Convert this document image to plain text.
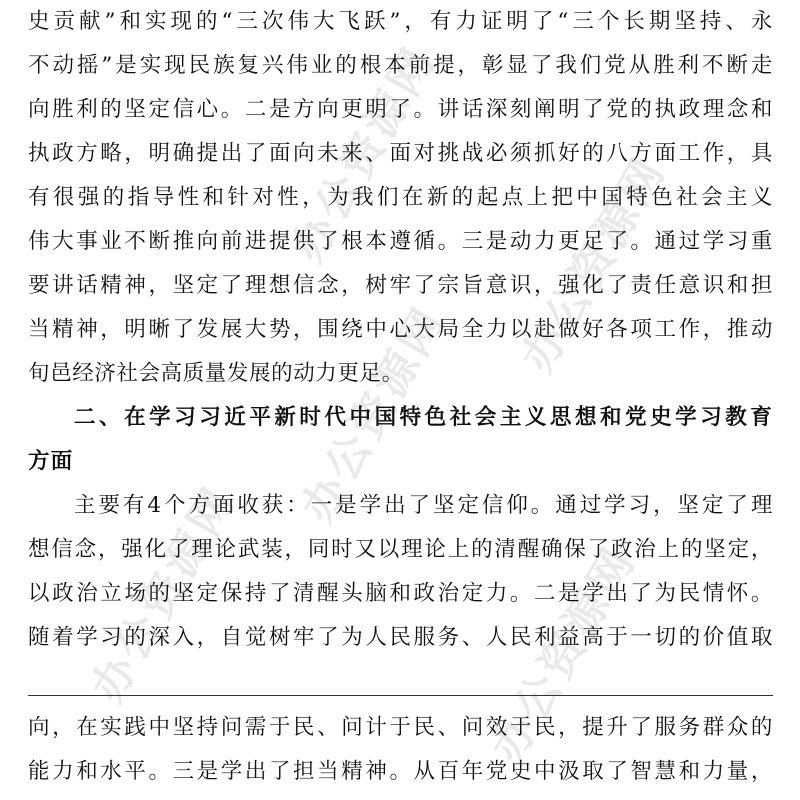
办公资源网 办公资源网
办公资源网
办公资源网	办公资源网
史贡献”和实现的“三次伟大飞跃”，有力证明了“三个长期坚持、永
不动摇”是实现民族复兴伟业的根本前提，彰显了我们党从胜利不断走
向胜利的坚定信心。二是方向更明了。讲话深刻阐明了党的执政理念和
执政方略，明确提出了面向未来、面对挑战必须抓好的八方面工作，具
有很强的指导性和针对性，为我们在新的起点上把中国特色社会主义
伟大事业不断推向前进提供了根本遵循。三是动力更足了。通过学习重
要讲话精神，坚定了理想信念，树牢了宗旨意识，强化了责任意识和担
当精神，明晰了发展大势，围绕中心大局全力以赴做好各项工作，推动
旬邑经济社会高质量发展的动力更足。
二、在学习习近平新时代中国特色社会主义思想和党史学习教育
方面
主要有4个方面收获：一是学出了坚定信仰。通过学习，坚定了理
想信念，强化了理论武装，同时又以理论上的清醒确保了政治上的坚定，
以政治立场的坚定保持了清醒头脑和政治定力。二是学出了为民情怀。
随着学习的深入，自觉树牢了为人民服务、人民利益高于一切的价值取
向，在实践中坚持问需于民、问计于民、问效于民，提升了服务群众的
能力和水平。三是学出了担当精神。从百年党史中汲取了智慧和力量，
